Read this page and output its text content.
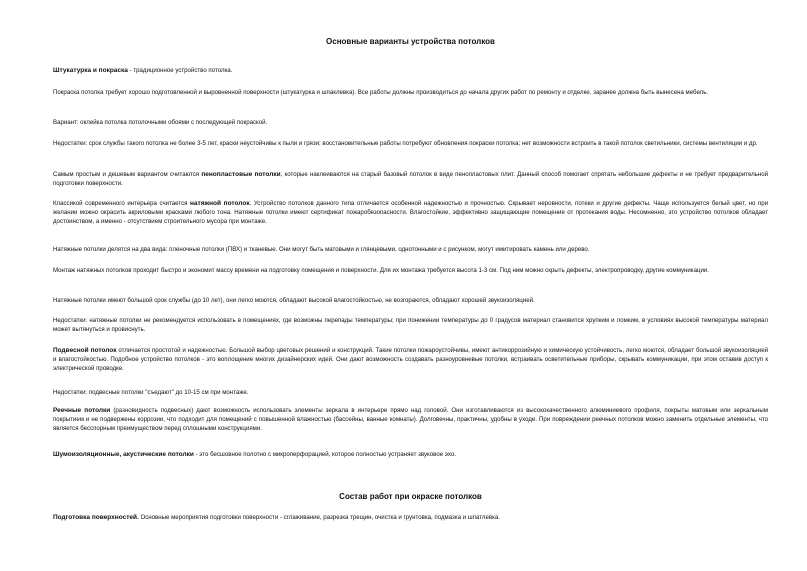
Основные варианты устройства потолков

Штукатурка и покраска - традиционное устройство потолка.

Покраска потолка требует хорошо подготовленной и выровненной поверхности (штукатурка и шпаклевка). Все работы должны производиться до начала других работ по ремонту и отделке, заранее должна быть вынесена мебель.

Вариант: оклейка потолка потолочными обоями с последующей покраской.

Недостатки: срок службы такого потолка не более 3-5 лет, краски неустойчивы к пыли и грязи; восстановительные работы потребуют обновления покраски потолка; нет возможности встроить в такой потолок светильники, системы вентиляции и др.

Самым простым и дешевым вариантом считаются пенопластовые потолки, которые наклеиваются на старый базовый потолок в виде пенопластовых плит. Данный способ помогает спрятать небольшие дефекты и не требует предварительной подготовки поверхности.

Классикой современного интерьера считается натяжной потолок. Устройство потолков данного типа отличается особенной надежностью и прочностью. Скрывает неровности, потеки и другие дефекты. Чаще используется белый цвет, но при желании можно окрасить акриловыми красками любого тона. Натяжные потолки имеют сертификат пожаробезопасности. Влагостойкие, эффективно защищающие помещение от протекания воды. Несомненно, это устройство потолков обладает достоинством, а именно - отсутствием строительного мусора при монтаже.

Натяжные потолки делятся на два вида: пленочные потолки (ПВХ) и тканевые. Они могут быть матовыми и глянцевыми, однотонными и с рисунком, могут имитировать камень или дерево.

Монтаж натяжных потолков проходит быстро и экономит массу времени на подготовку помещения и поверхности. Для их монтажа требуется высота 1-3 см. Под ним можно скрыть дефекты, электропроводку, другие коммуникации.

Натяжные потолки имеют большой срок службы (до 10 лет), они легко моются, обладают высокой влагостойкостью, не возгораются, обладают хорошей звукоизоляцией.

Недостатки: натяжные потолки не рекомендуется использовать в помещениях, где возможны перепады температуры; при понижении температуры до 0 градусов материал становится хрупким и ломким, в условиях высокой температуры материал может вытянуться и провиснуть.

Подвесной потолок отличается простотой и надежностью. Большой выбор цветовых решений и конструкций. Такие потолки пожароустойчивы, имеют антикоррозийную и химическую устойчивость, легко моются, обладает большой звукоизоляцией и влагостойкостью. Подобное устройство потолков - это воплощение многих дизайнерских идей. Они дают возможность создавать разноуровневые потолки, встраивать осветительные приборы, скрывать коммуникации, при этом оставив доступ к электрической проводке.

Недостатки: подвесные потолки "съедают" до 10-15 см при монтаже.

Реечные потолки (разновидность подвесных) дают возможность использовать элементы зеркала в интерьере прямо над головой. Они изготавливаются из высококачественного алюминиевого профиля, покрыты матовым или зеркальным покрытием и не подвержены коррозии, что подходит для помещений с повышенной влажностью (бассейны, ванные комнаты). Долговечны, практичны, удобны в уходе. При повреждении реечных потолков можно заменить отдельные элементы, что является бесспорным преимуществом перед сплошными конструкциями.

Шумоизоляционные, акустические потолки - это бесшовное полотно с микроперфорацией, которое полностью устраняет звуковое эхо.

Состав работ при окраске потолков

Подготовка поверхностей. Основные мероприятия подготовки поверхности - сглаживание, разрезка трещин, очистка и грунтовка, подмазка и шпатлевка.
